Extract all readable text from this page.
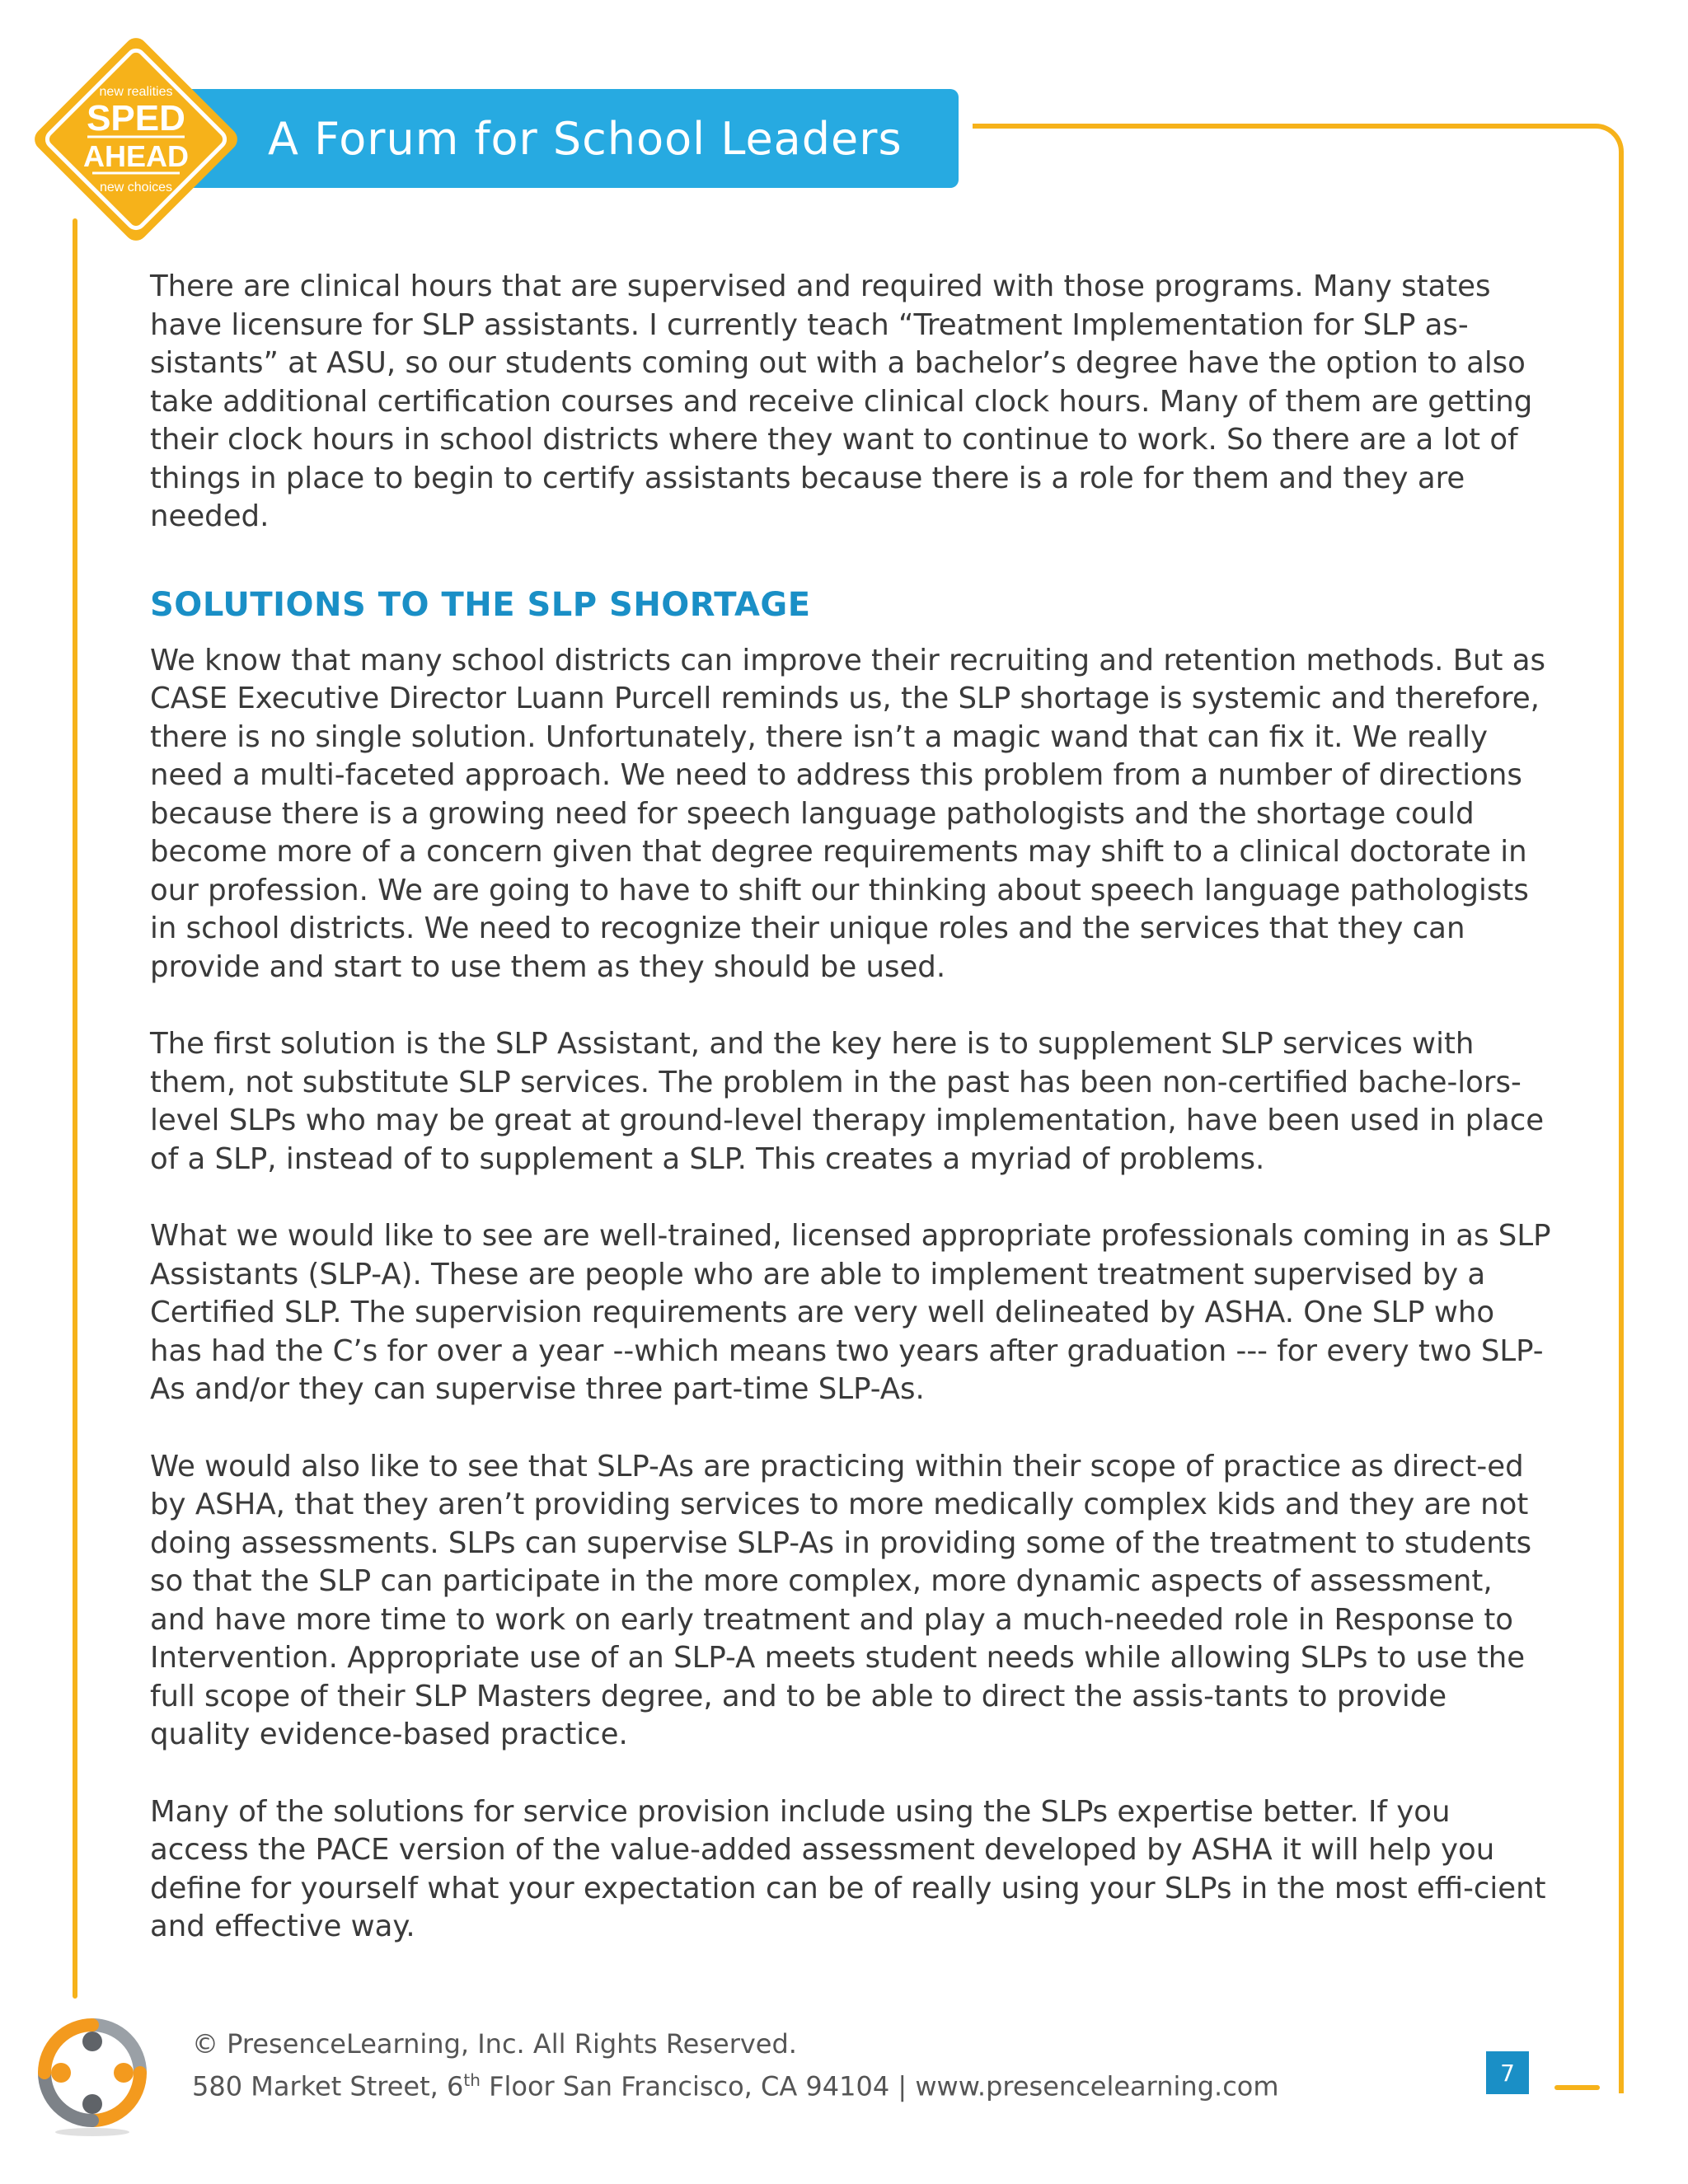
A Forum for School Leaders
new realities
SPED
AHEAD
new choices

There are clinical hours that are supervised and required with those programs. Many states have licensure for SLP assistants. I currently teach “Treatment Implementation for SLP as-sistants” at ASU, so our students coming out with a bachelor’s degree have the option to also take additional certification courses and receive clinical clock hours. Many of them are getting their clock hours in school districts where they want to continue to work. So there are a lot of things in place to begin to certify assistants because there is a role for them and they are needed.

SOLUTIONS TO THE SLP SHORTAGE

We know that many school districts can improve their recruiting and retention methods. But as CASE Executive Director Luann Purcell reminds us, the SLP shortage is systemic and therefore, there is no single solution. Unfortunately, there isn’t a magic wand that can fix it. We really need a multi-faceted approach. We need to address this problem from a number of directions because there is a growing need for speech language pathologists and the shortage could become more of a concern given that degree requirements may shift to a clinical doctorate in our profession. We are going to have to shift our thinking about speech language pathologists in school districts. We need to recognize their unique roles and the services that they can provide and start to use them as they should be used.

The first solution is the SLP Assistant, and the key here is to supplement SLP services with them, not substitute SLP services. The problem in the past has been non-certified bache-lors-level SLPs who may be great at ground-level therapy implementation, have been used in place of a SLP, instead of to supplement a SLP. This creates a myriad of problems.

What we would like to see are well-trained, licensed appropriate professionals coming in as SLP Assistants (SLP-A). These are people who are able to implement treatment supervised by a Certified SLP. The supervision requirements are very well delineated by ASHA. One SLP who has had the C’s for over a year --which means two years after graduation --- for every two SLP-As and/or they can supervise three part-time SLP-As.

We would also like to see that SLP-As are practicing within their scope of practice as direct-ed by ASHA, that they aren’t providing services to more medically complex kids and they are not doing assessments. SLPs can supervise SLP-As in providing some of the treatment to students so that the SLP can participate in the more complex, more dynamic aspects of assessment, and have more time to work on early treatment and play a much-needed role in Response to Intervention. Appropriate use of an SLP-A meets student needs while allowing SLPs to use the full scope of their SLP Masters degree, and to be able to direct the assis-tants to provide quality evidence-based practice.

Many of the solutions for service provision include using the SLPs expertise better. If you access the PACE version of the value-added assessment developed by ASHA it will help you define for yourself what your expectation can be of really using your SLPs in the most effi-cient and effective way.

© PresenceLearning, Inc. All Rights Reserved.
580 Market Street, 6th Floor San Francisco, CA 94104 | www.presencelearning.com	7
